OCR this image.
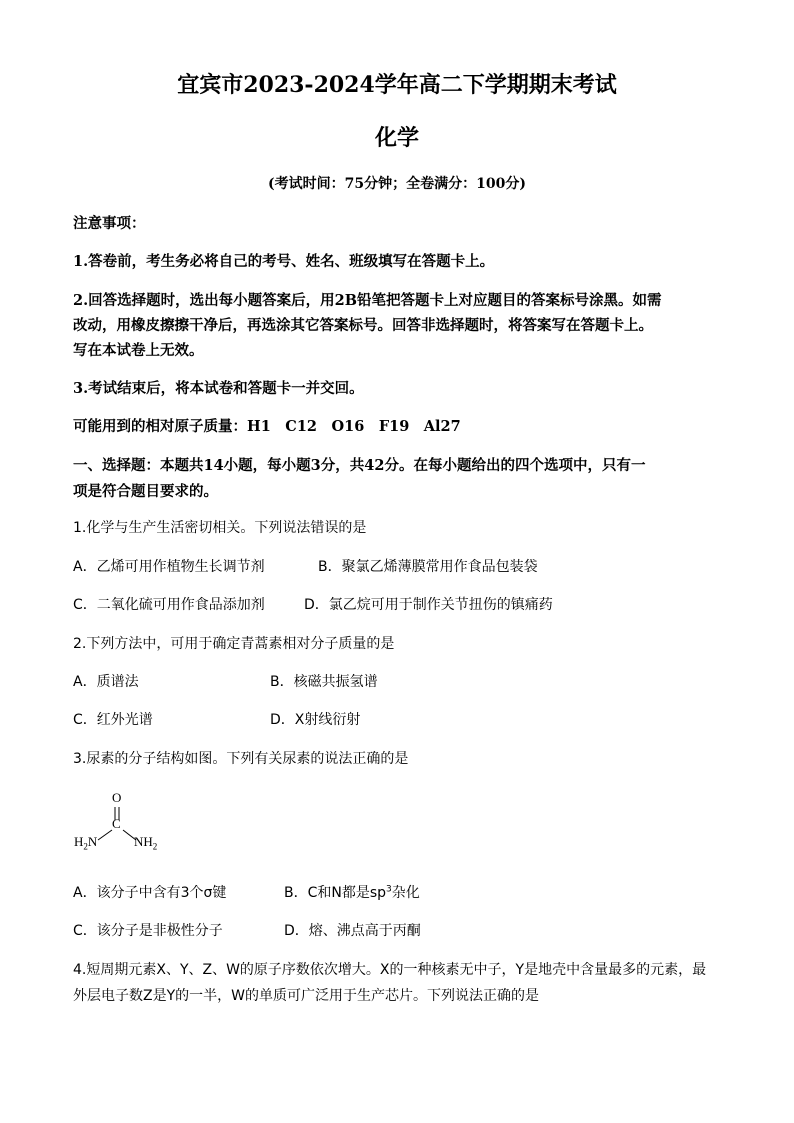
宜宾市2023-2024学年高二下学期期末考试
化学
(考试时间：75分钟；全卷满分：100分)
注意事项：
1.答卷前，考生务必将自己的考号、姓名、班级填写在答题卡上。
2.回答选择题时，选出每小题答案后，用2B铅笔把答题卡上对应题目的答案标号涂黑。如需
改动，用橡皮擦擦干净后，再选涂其它答案标号。回答非选择题时，将答案写在答题卡上。
写在本试卷上无效。
3.考试结束后，将本试卷和答题卡一并交回。
可能用到的相对原子质量：H1　C12　O16　F19　Al27
一、选择题：本题共14小题，每小题3分，共42分。在每小题给出的四个选项中，只有一
项是符合题目要求的。
1.化学与生产生活密切相关。下列说法错误的是
A．乙烯可用作植物生长调节剂	B．聚氯乙烯薄膜常用作食品包装袋
C．二氧化硫可用作食品添加剂	D．氯乙烷可用于制作关节扭伤的镇痛药
2.下列方法中，可用于确定青蒿素相对分子质量的是
A．质谱法	B．核磁共振氢谱
C．红外光谱	D．X射线衍射
3.尿素的分子结构如图。下列有关尿素的说法正确的是
O
C
$H_2N$	$NH_2$
A．该分子中含有3个σ键	B．C和N都是$sp^3$杂化
C．该分子是非极性分子	D．熔、沸点高于丙酮
4.短周期元素X、Y、Z、W的原子序数依次增大。X的一种核素无中子，Y是地壳中含量最多的元素，最
外层电子数Z是Y的一半，W的单质可广泛用于生产芯片。下列说法正确的是
